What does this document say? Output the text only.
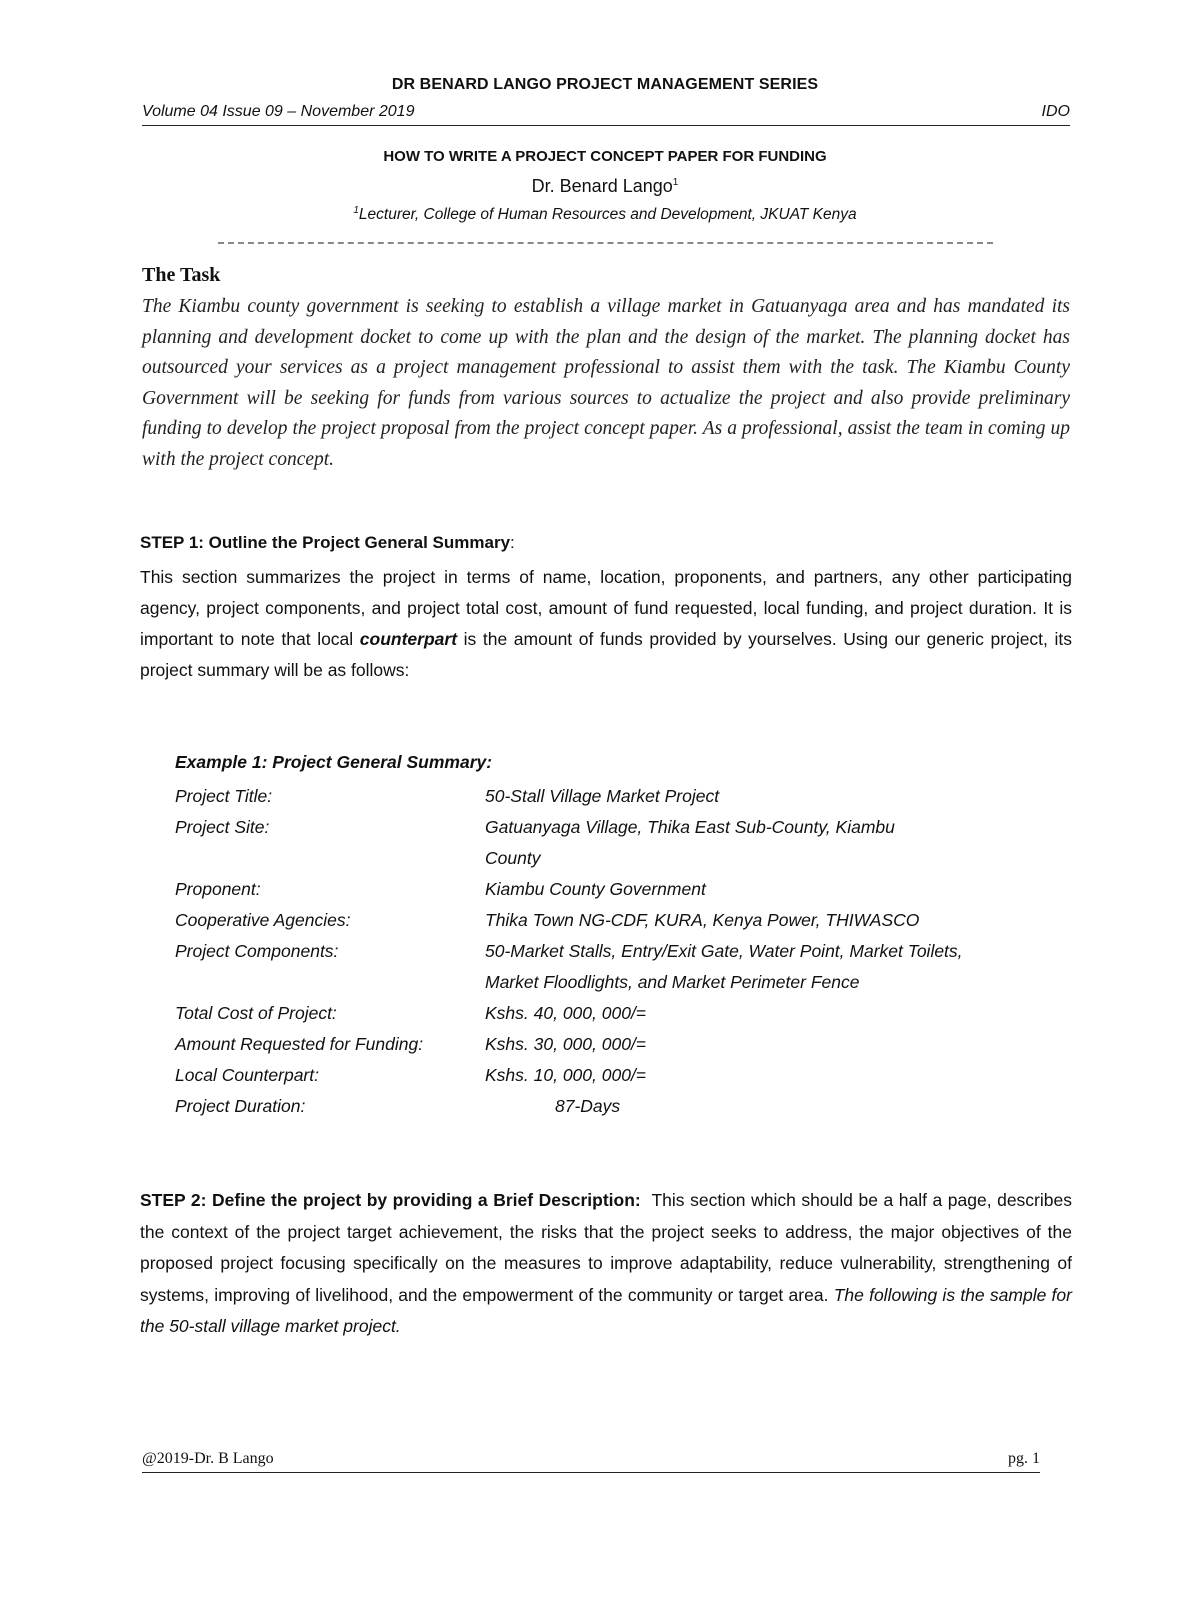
DR BENARD LANGO PROJECT MANAGEMENT SERIES
Volume 04 Issue 09 – November 2019	IDO
HOW TO WRITE A PROJECT CONCEPT PAPER FOR FUNDING
Dr. Benard Lango$^1$
$^1$Lecturer, College of Human Resources and Development, JKUAT Kenya
The Task
The Kiambu county government is seeking to establish a village market in Gatuanyaga area and has mandated its planning and development docket to come up with the plan and the design of the market. The planning docket has outsourced your services as a project management professional to assist them with the task. The Kiambu County Government will be seeking for funds from various sources to actualize the project and also provide preliminary funding to develop the project proposal from the project concept paper. As a professional, assist the team in coming up with the project concept.
STEP 1: Outline the Project General Summary:
This section summarizes the project in terms of name, location, proponents, and partners, any other participating agency, project components, and project total cost, amount of fund requested, local funding, and project duration. It is important to note that local counterpart is the amount of funds provided by yourselves. Using our generic project, its project summary will be as follows:
Example 1: Project General Summary:
Project Title:	50-Stall Village Market Project
Project Site:	Gatuanyaga Village, Thika East Sub-County, Kiambu County
Proponent:	Kiambu County Government
Cooperative Agencies:	Thika Town NG-CDF, KURA, Kenya Power, THIWASCO
Project Components:	50-Market Stalls, Entry/Exit Gate, Water Point, Market Toilets, Market Floodlights, and Market Perimeter Fence
Total Cost of Project:	Kshs. 40, 000, 000/=
Amount Requested for Funding:	Kshs. 30, 000, 000/=
Local Counterpart:	Kshs. 10, 000, 000/=
Project Duration:	87-Days
STEP 2: Define the project by providing a Brief Description: This section which should be a half a page, describes the context of the project target achievement, the risks that the project seeks to address, the major objectives of the proposed project focusing specifically on the measures to improve adaptability, reduce vulnerability, strengthening of systems, improving of livelihood, and the empowerment of the community or target area. The following is the sample for the 50-stall village market project.
@2019-Dr. B Lango	pg. 1
